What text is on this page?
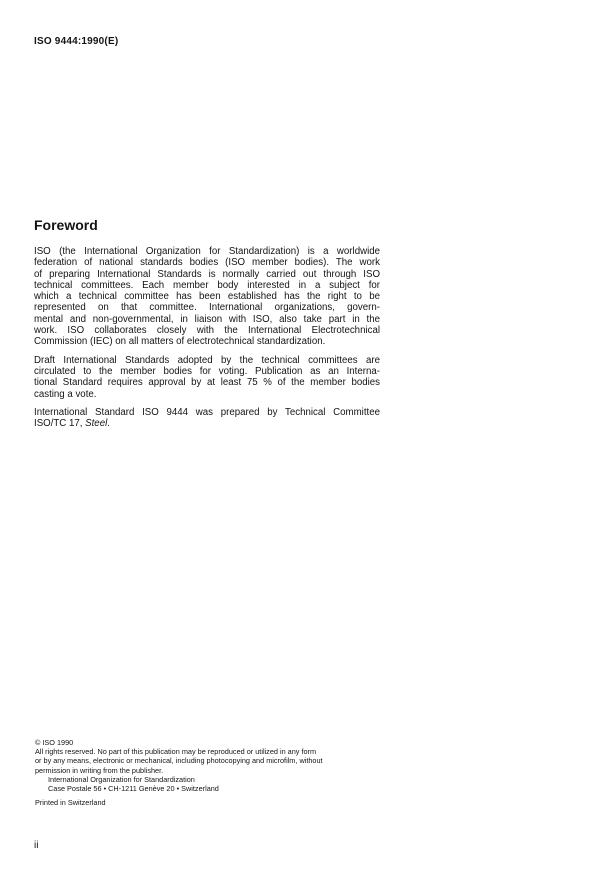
ISO 9444:1990(E)
Foreword

ISO (the International Organization for Standardization) is a worldwide
federation of national standards bodies (ISO member bodies). The work
of preparing International Standards is normally carried out through ISO
technical committees. Each member body interested in a subject for
which a technical committee has been established has the right to be
represented on that committee. International organizations, govern-
mental and non-governmental, in liaison with ISO, also take part in the
work. ISO collaborates closely with the International Electrotechnical
Commission (IEC) on all matters of electrotechnical standardization.

Draft International Standards adopted by the technical committees are
circulated to the member bodies for voting. Publication as an Interna-
tional Standard requires approval by at least 75 % of the member bodies
casting a vote.

International Standard ISO 9444 was prepared by Technical Committee
ISO/TC 17, Steel.

© ISO 1990
All rights reserved. No part of this publication may be reproduced or utilized in any form
or by any means, electronic or mechanical, including photocopying and microfilm, without
permission in writing from the publisher.
International Organization for Standardization
Case Postale 56 • CH-1211 Genève 20 • Switzerland
Printed in Switzerland
ii
